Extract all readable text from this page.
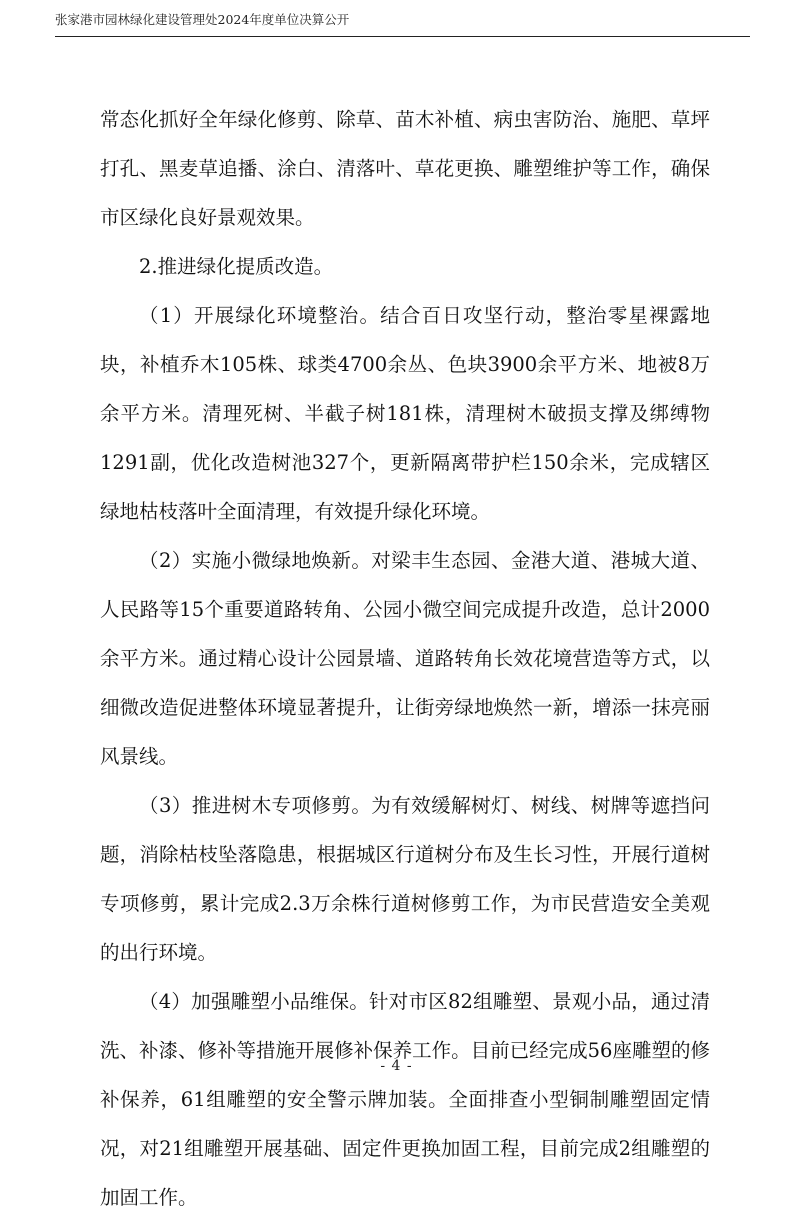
张家港市园林绿化建设管理处2024年度单位决算公开

常态化抓好全年绿化修剪、除草、苗木补植、病虫害防治、施肥、草坪打孔、黑麦草追播、涂白、清落叶、草花更换、雕塑维护等工作，确保市区绿化良好景观效果。

2.推进绿化提质改造。

（1）开展绿化环境整治。结合百日攻坚行动，整治零星裸露地块，补植乔木105株、球类4700余丛、色块3900余平方米、地被8万余平方米。清理死树、半截子树181株，清理树木破损支撑及绑缚物1291副，优化改造树池327个，更新隔离带护栏150余米，完成辖区绿地枯枝落叶全面清理，有效提升绿化环境。

（2）实施小微绿地焕新。对梁丰生态园、金港大道、港城大道、人民路等15个重要道路转角、公园小微空间完成提升改造，总计2000余平方米。通过精心设计公园景墙、道路转角长效花境营造等方式，以细微改造促进整体环境显著提升，让街旁绿地焕然一新，增添一抹亮丽风景线。

（3）推进树木专项修剪。为有效缓解树灯、树线、树牌等遮挡问题，消除枯枝坠落隐患，根据城区行道树分布及生长习性，开展行道树专项修剪，累计完成2.3万余株行道树修剪工作，为市民营造安全美观的出行环境。

（4）加强雕塑小品维保。针对市区82组雕塑、景观小品，通过清洗、补漆、修补等措施开展修补保养工作。目前已经完成56座雕塑的修补保养，61组雕塑的安全警示牌加装。全面排查小型铜制雕塑固定情况，对21组雕塑开展基础、固定件更换加固工程，目前完成2组雕塑的加固工作。

- 4 -
